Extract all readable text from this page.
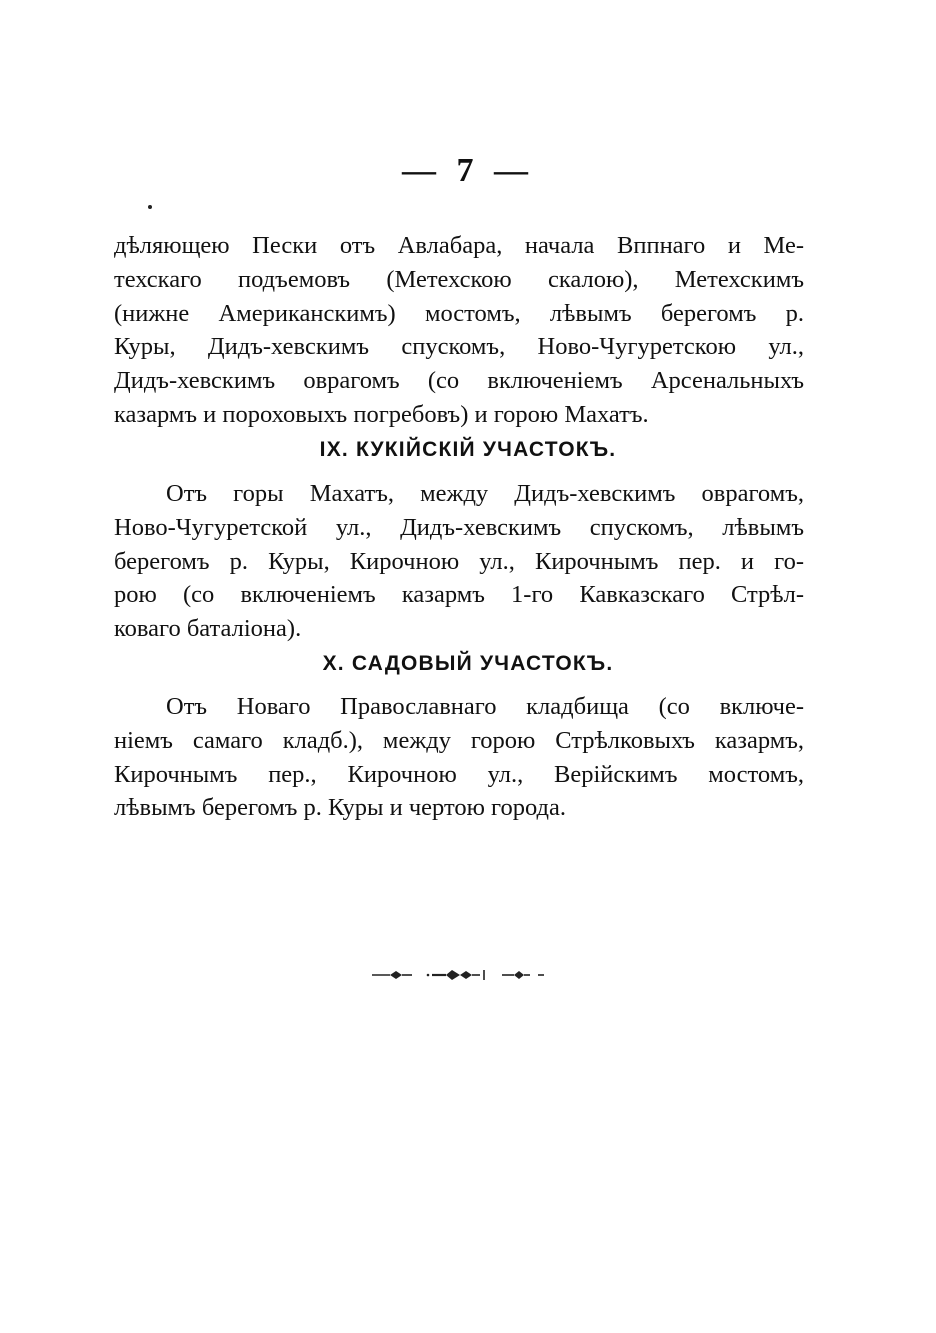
— 7 —
дѣляющею Пески отъ Авлабара, начала Вппнаго и Ме-
техскаго подъемовъ (Метехскою скалою), Метехскимъ
(нижне Американскимъ) мостомъ, лѣвымъ берегомъ р.
Куры, Дидъ-хевскимъ спускомъ, Ново-Чугуретскою ул.,
Дидъ-хевскимъ оврагомъ (со включеніемъ Арсенальныхъ
казармъ и пороховыхъ погребовъ) и горою Махатъ.
IX. КУКІЙСКІЙ УЧАСТОКЪ.
Отъ горы Махатъ, между Дидъ-хевскимъ оврагомъ,
Ново-Чугуретской ул., Дидъ-хевскимъ спускомъ, лѣвымъ
берегомъ р. Куры, Кирочною ул., Кирочнымъ пер. и го-
рою (со включеніемъ казармъ 1-го Кавказскаго Стрѣл-
коваго баталіона).
X. САДОВЫЙ УЧАСТОКЪ.
Отъ Новаго Православнаго кладбища (со включе-
ніемъ самаго кладб.), между горою Стрѣлковыхъ казармъ,
Кирочнымъ пер., Кирочною ул., Верійскимъ мостомъ,
лѣвымъ берегомъ р. Куры и чертою города.
